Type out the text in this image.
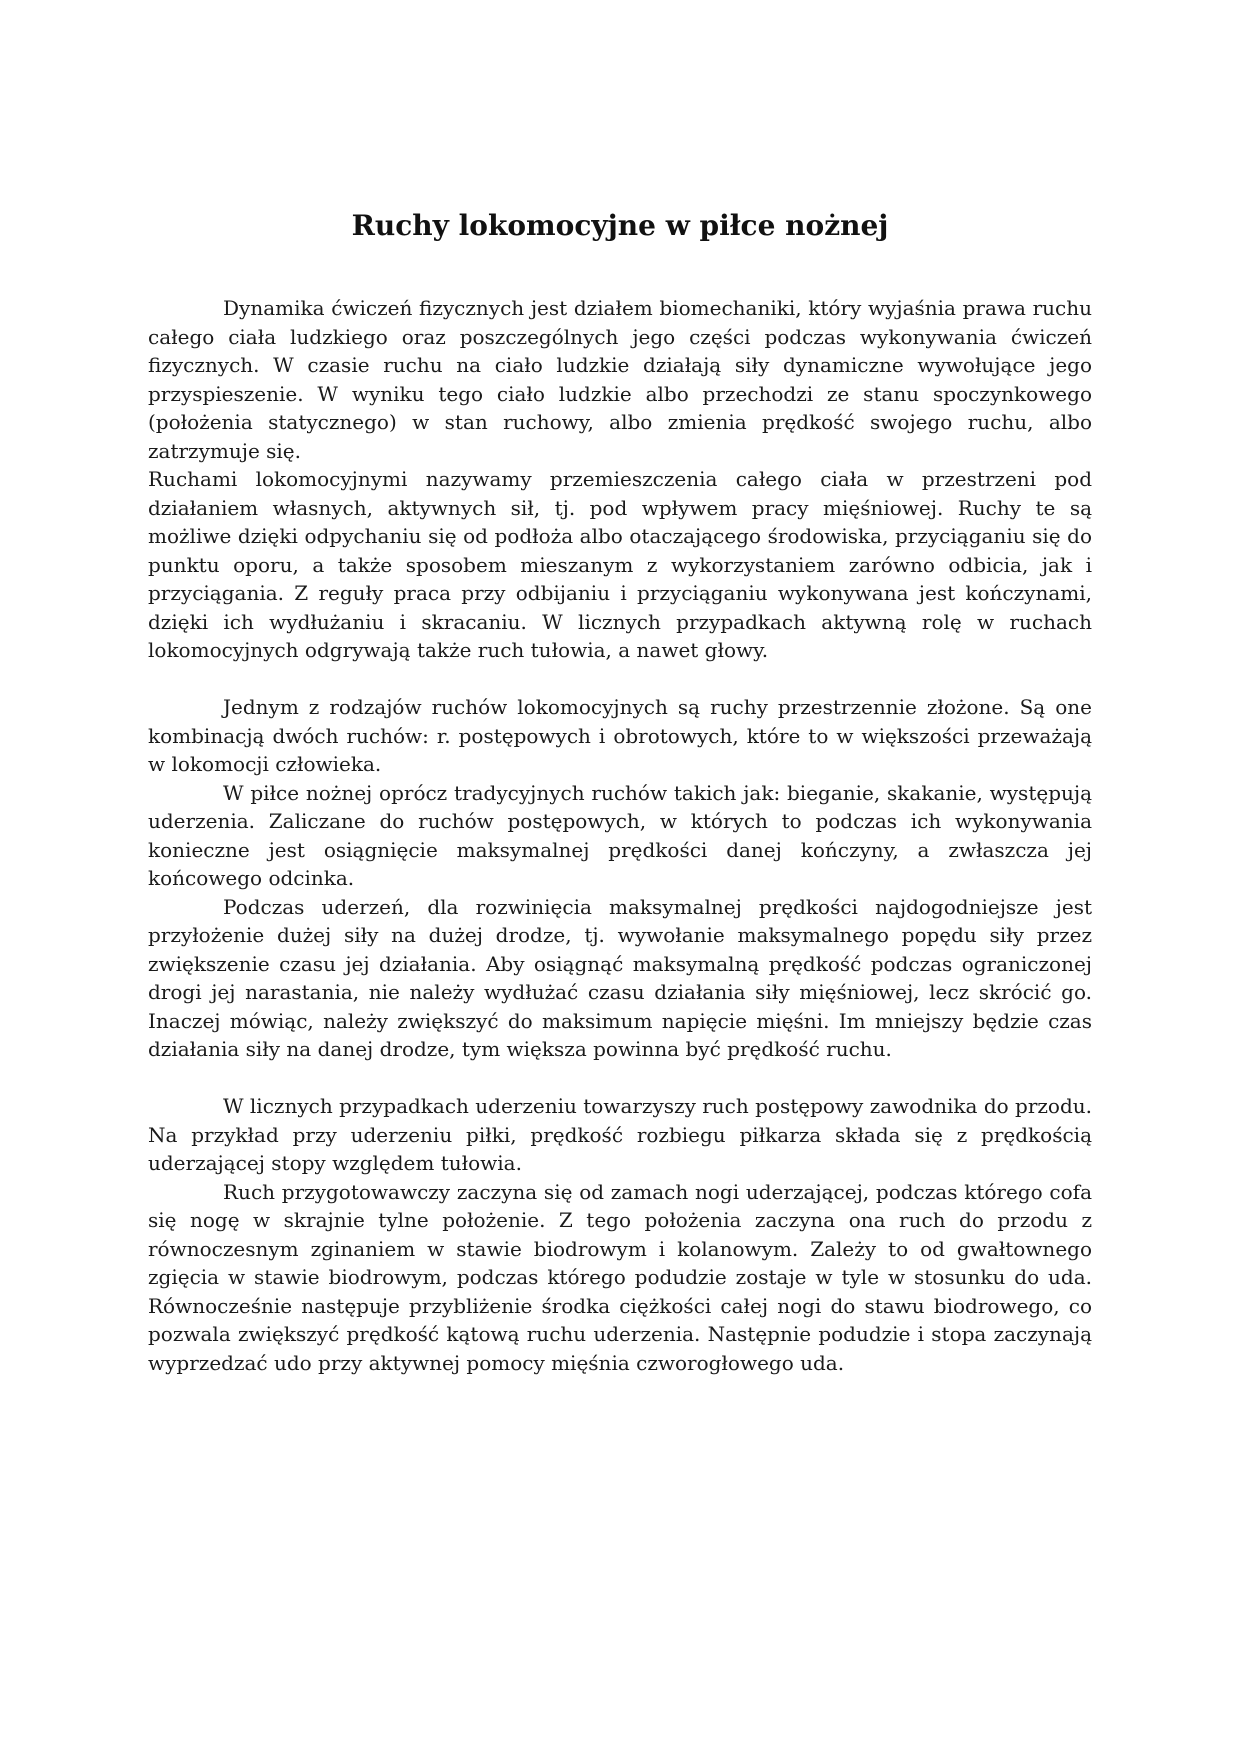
Ruchy lokomocyjne w piłce nożnej

Dynamika ćwiczeń fizycznych jest działem biomechaniki, który wyjaśnia prawa ruchu całego ciała ludzkiego oraz poszczególnych jego części podczas wykonywania ćwiczeń fizycznych. W czasie ruchu na ciało ludzkie działają siły dynamiczne wywołujące jego przyspieszenie. W wyniku tego ciało ludzkie albo przechodzi ze stanu spoczynkowego (położenia statycznego) w stan ruchowy, albo zmienia prędkość swojego ruchu, albo zatrzymuje się.

Ruchami lokomocyjnymi nazywamy przemieszczenia całego ciała w przestrzeni pod działaniem własnych, aktywnych sił, tj. pod wpływem pracy mięśniowej. Ruchy te są możliwe dzięki odpychaniu się od podłoża albo otaczającego środowiska, przyciąganiu się do punktu oporu, a także sposobem mieszanym z wykorzystaniem zarówno odbicia, jak i przyciągania. Z reguły praca przy odbijaniu i przyciąganiu wykonywana jest kończynami, dzięki ich wydłużaniu i skracaniu. W licznych przypadkach aktywną rolę w ruchach lokomocyjnych odgrywają także ruch tułowia, a nawet głowy.

Jednym z rodzajów ruchów lokomocyjnych są ruchy przestrzennie złożone. Są one kombinacją dwóch ruchów: r. postępowych i obrotowych, które to w większości przeważają w lokomocji człowieka.

W piłce nożnej oprócz tradycyjnych ruchów takich jak: bieganie, skakanie, występują uderzenia. Zaliczane do ruchów postępowych, w których to podczas ich wykonywania konieczne jest osiągnięcie maksymalnej prędkości danej kończyny, a zwłaszcza jej końcowego odcinka.

Podczas uderzeń, dla rozwinięcia maksymalnej prędkości najdogodniejsze jest przyłożenie dużej siły na dużej drodze, tj. wywołanie maksymalnego popędu siły przez zwiększenie czasu jej działania. Aby osiągnąć maksymalną prędkość podczas ograniczonej drogi jej narastania, nie należy wydłużać czasu działania siły mięśniowej, lecz skrócić go. Inaczej mówiąc, należy zwiększyć do maksimum napięcie mięśni. Im mniejszy będzie czas działania siły na danej drodze, tym większa powinna być prędkość ruchu.

W licznych przypadkach uderzeniu towarzyszy ruch postępowy zawodnika do przodu. Na przykład przy uderzeniu piłki, prędkość rozbiegu piłkarza składa się z prędkością uderzającej stopy względem tułowia.

Ruch przygotowawczy zaczyna się od zamach nogi uderzającej, podczas którego cofa się nogę w skrajnie tylne położenie. Z tego położenia zaczyna ona ruch do przodu z równoczesnym zginaniem w stawie biodrowym i kolanowym. Zależy to od gwałtownego zgięcia w stawie biodrowym, podczas którego podudzie zostaje w tyle w stosunku do uda. Równocześnie następuje przybliżenie środka ciężkości całej nogi do stawu biodrowego, co pozwala zwiększyć prędkość kątową ruchu uderzenia. Następnie podudzie i stopa zaczynają wyprzedzać udo przy aktywnej pomocy mięśnia czworogłowego uda.
